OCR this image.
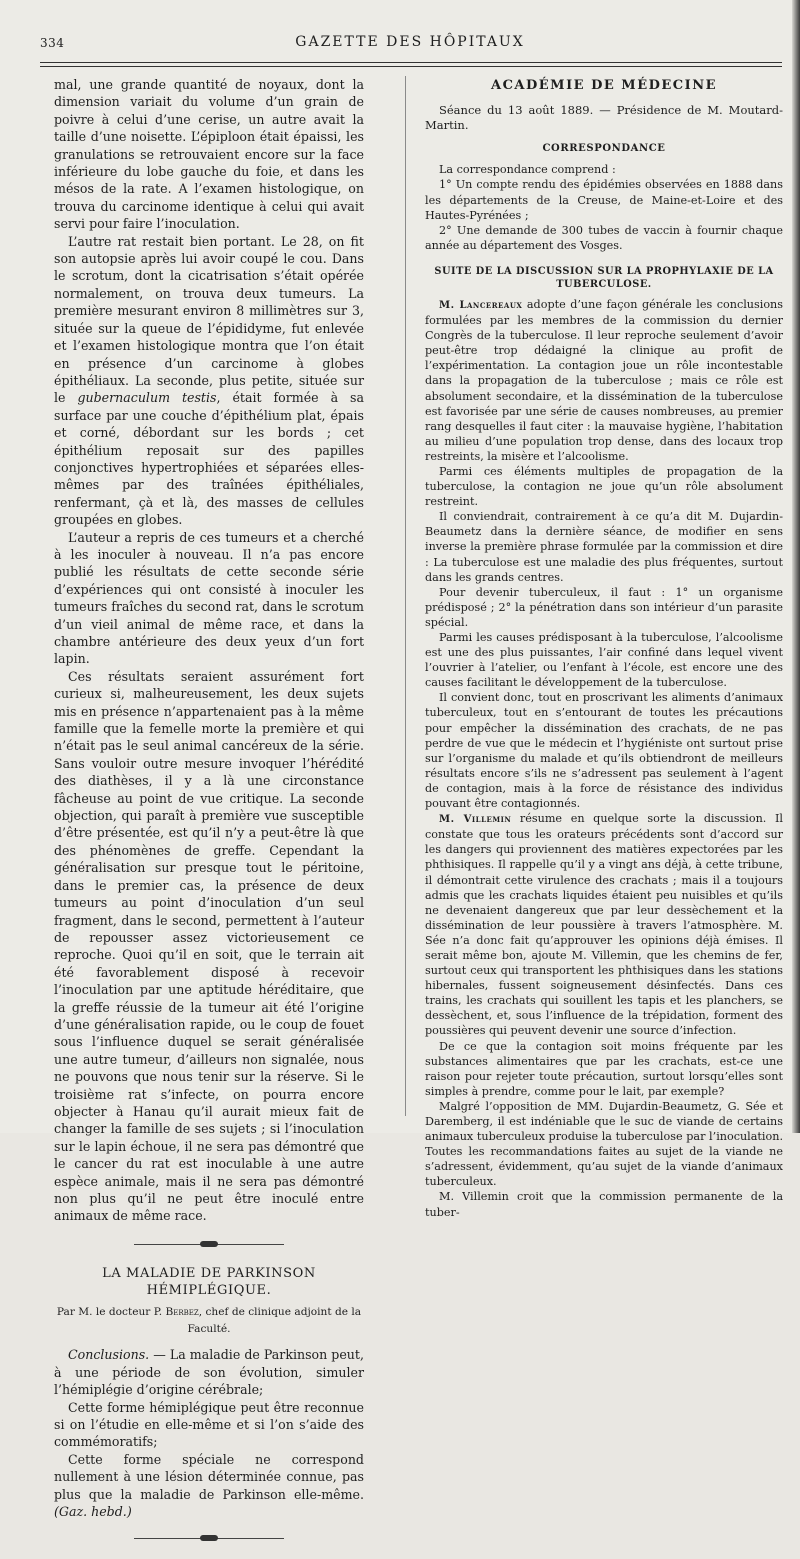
334	GAZETTE DES HÔPITAUX

mal, une grande quantité de noyaux, dont la dimension variait du volume d’un grain de poivre à celui d’une cerise, un autre avait la taille d’une noisette. L’épiploon était épaissi, les granulations se retrouvaient encore sur la face inférieure du lobe gauche du foie, et dans les mésos de la rate. A l’examen histologique, on trouva du carcinome identique à celui qui avait servi pour faire l’inoculation.

L’autre rat restait bien portant. Le 28, on fit son autopsie après lui avoir coupé le cou. Dans le scrotum, dont la cicatrisation s’était opérée normalement, on trouva deux tumeurs. La première mesurant environ 8 millimètres sur 3, située sur la queue de l’épididyme, fut enlevée et l’examen histologique montra que l’on était en présence d’un carcinome à globes épithéliaux. La seconde, plus petite, située sur le gubernaculum testis, était formée à sa surface par une couche d’épithélium plat, épais et corné, débordant sur les bords ; cet épithélium reposait sur des papilles conjonctives hypertrophiées et séparées elles-mêmes par des traînées épithéliales, renfermant, çà et là, des masses de cellules groupées en globes.

L’auteur a repris de ces tumeurs et a cherché à les inoculer à nouveau. Il n’a pas encore publié les résultats de cette seconde série d’expériences qui ont consisté à inoculer les tumeurs fraîches du second rat, dans le scrotum d’un vieil animal de même race, et dans la chambre antérieure des deux yeux d’un fort lapin.

Ces résultats seraient assurément fort curieux si, malheureusement, les deux sujets mis en présence n’appartenaient pas à la même famille que la femelle morte la première et qui n’était pas le seul animal cancéreux de la série. Sans vouloir outre mesure invoquer l’hérédité des diathèses, il y a là une circonstance fâcheuse au point de vue critique. La seconde objection, qui paraît à première vue susceptible d’être présentée, est qu’il n’y a peut-être là que des phénomènes de greffe. Cependant la généralisation sur presque tout le péritoine, dans le premier cas, la présence de deux tumeurs au point d’inoculation d’un seul fragment, dans le second, permettent à l’auteur de repousser assez victorieusement ce reproche. Quoi qu’il en soit, que le terrain ait été favorablement disposé à recevoir l’inoculation par une aptitude héréditaire, que la greffe réussie de la tumeur ait été l’origine d’une généralisation rapide, ou le coup de fouet sous l’influence duquel se serait généralisée une autre tumeur, d’ailleurs non signalée, nous ne pouvons que nous tenir sur la réserve. Si le troisième rat s’infecte, on pourra encore objecter à Hanau qu’il aurait mieux fait de changer la famille de ses sujets ; si l’inoculation sur le lapin échoue, il ne sera pas démontré que le cancer du rat est inoculable à une autre espèce animale, mais il ne sera pas démontré non plus qu’il ne peut être inoculé entre animaux de même race.

LA MALADIE DE PARKINSON HÉMIPLÉGIQUE.

Par M. le docteur P. Berbez, chef de clinique adjoint de la Faculté.

Conclusions. — La maladie de Parkinson peut, à une période de son évolution, simuler l’hémiplégie d’origine cérébrale;

Cette forme hémiplégique peut être reconnue si on l’étudie en elle-même et si l’on s’aide des commémoratifs;

Cette forme spéciale ne correspond nullement à une lésion déterminée connue, pas plus que la maladie de Parkinson elle-même. (Gaz. hebd.)

ACADÉMIE DE MÉDECINE

Séance du 13 août 1889. — Présidence de M. Moutard-Martin.

CORRESPONDANCE

La correspondance comprend :

1° Un compte rendu des épidémies observées en 1888 dans les départements de la Creuse, de Maine-et-Loire et des Hautes-Pyrénées ;

2° Une demande de 300 tubes de vaccin à fournir chaque année au département des Vosges.

SUITE DE LA DISCUSSION SUR LA PROPHYLAXIE DE LA TUBERCULOSE.

M. Lancereaux adopte d’une façon générale les conclusions formulées par les membres de la commission du dernier Congrès de la tuberculose. Il leur reproche seulement d’avoir peut-être trop dédaigné la clinique au profit de l’expérimentation. La contagion joue un rôle incontestable dans la propagation de la tuberculose ; mais ce rôle est absolument secondaire, et la dissémination de la tuberculose est favorisée par une série de causes nombreuses, au premier rang desquelles il faut citer : la mauvaise hygiène, l’habitation au milieu d’une population trop dense, dans des locaux trop restreints, la misère et l’alcoolisme.

Parmi ces éléments multiples de propagation de la tuberculose, la contagion ne joue qu’un rôle absolument restreint.

Il conviendrait, contrairement à ce qu’a dit M. Dujardin-Beaumetz dans la dernière séance, de modifier en sens inverse la première phrase formulée par la commission et dire : La tuberculose est une maladie des plus fréquentes, surtout dans les grands centres.

Pour devenir tuberculeux, il faut : 1° un organisme prédisposé ; 2° la pénétration dans son intérieur d’un parasite spécial.

Parmi les causes prédisposant à la tuberculose, l’alcoolisme est une des plus puissantes, l’air confiné dans lequel vivent l’ouvrier à l’atelier, ou l’enfant à l’école, est encore une des causes facilitant le développement de la tuberculose.

Il convient donc, tout en proscrivant les aliments d’animaux tuberculeux, tout en s’entourant de toutes les précautions pour empêcher la dissémination des crachats, de ne pas perdre de vue que le médecin et l’hygiéniste ont surtout prise sur l’organisme du malade et qu’ils obtiendront de meilleurs résultats encore s’ils ne s’adressent pas seulement à l’agent de contagion, mais à la force de résistance des individus pouvant être contagionnés.

M. Villemin résume en quelque sorte la discussion. Il constate que tous les orateurs précédents sont d’accord sur les dangers qui proviennent des matières expectorées par les phthisiques. Il rappelle qu’il y a vingt ans déjà, à cette tribune, il démontrait cette virulence des crachats ; mais il a toujours admis que les crachats liquides étaient peu nuisibles et qu’ils ne devenaient dangereux que par leur dessèchement et la dissémination de leur poussière à travers l’atmosphère. M. Sée n’a donc fait qu’approuver les opinions déjà émises. Il serait même bon, ajoute M. Villemin, que les chemins de fer, surtout ceux qui transportent les phthisiques dans les stations hibernales, fussent soigneusement désinfectés. Dans ces trains, les crachats qui souillent les tapis et les planchers, se dessèchent, et, sous l’influence de la trépidation, forment des poussières qui peuvent devenir une source d’infection.

De ce que la contagion soit moins fréquente par les substances alimentaires que par les crachats, est-ce une raison pour rejeter toute précaution, surtout lorsqu’elles sont simples à prendre, comme pour le lait, par exemple?

Malgré l’opposition de MM. Dujardin-Beaumetz, G. Sée et Daremberg, il est indéniable que le suc de viande de certains animaux tuberculeux produise la tuberculose par l’inoculation. Toutes les recommandations faites au sujet de la viande ne s’adressent, évidemment, qu’au sujet de la viande d’animaux tuberculeux.

M. Villemin croit que la commission permanente de la tuber-
